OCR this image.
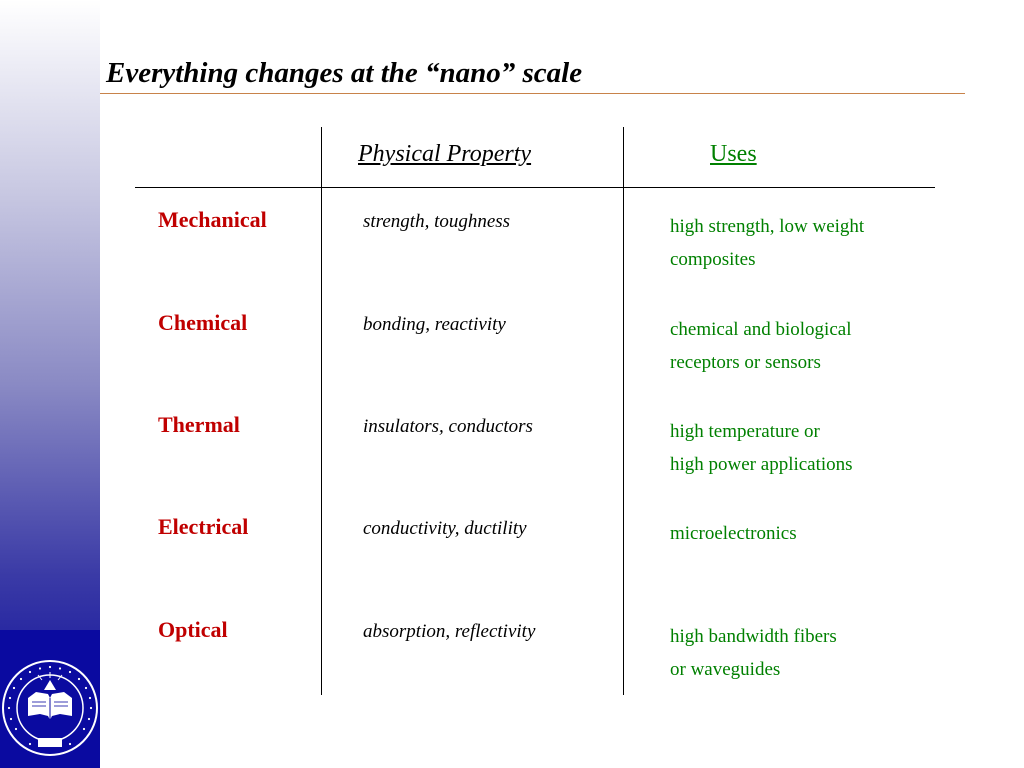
Everything changes at the “nano” scale
Physical Property	Uses
Mechanical	strength, toughness	high strength, low weight
composites
Chemical	bonding, reactivity	chemical and biological
receptors or sensors
Thermal	insulators, conductors	high temperature or
high power applications
Electrical	conductivity, ductility	microelectronics
Optical	absorption, reflectivity	high bandwidth fibers
or waveguides
